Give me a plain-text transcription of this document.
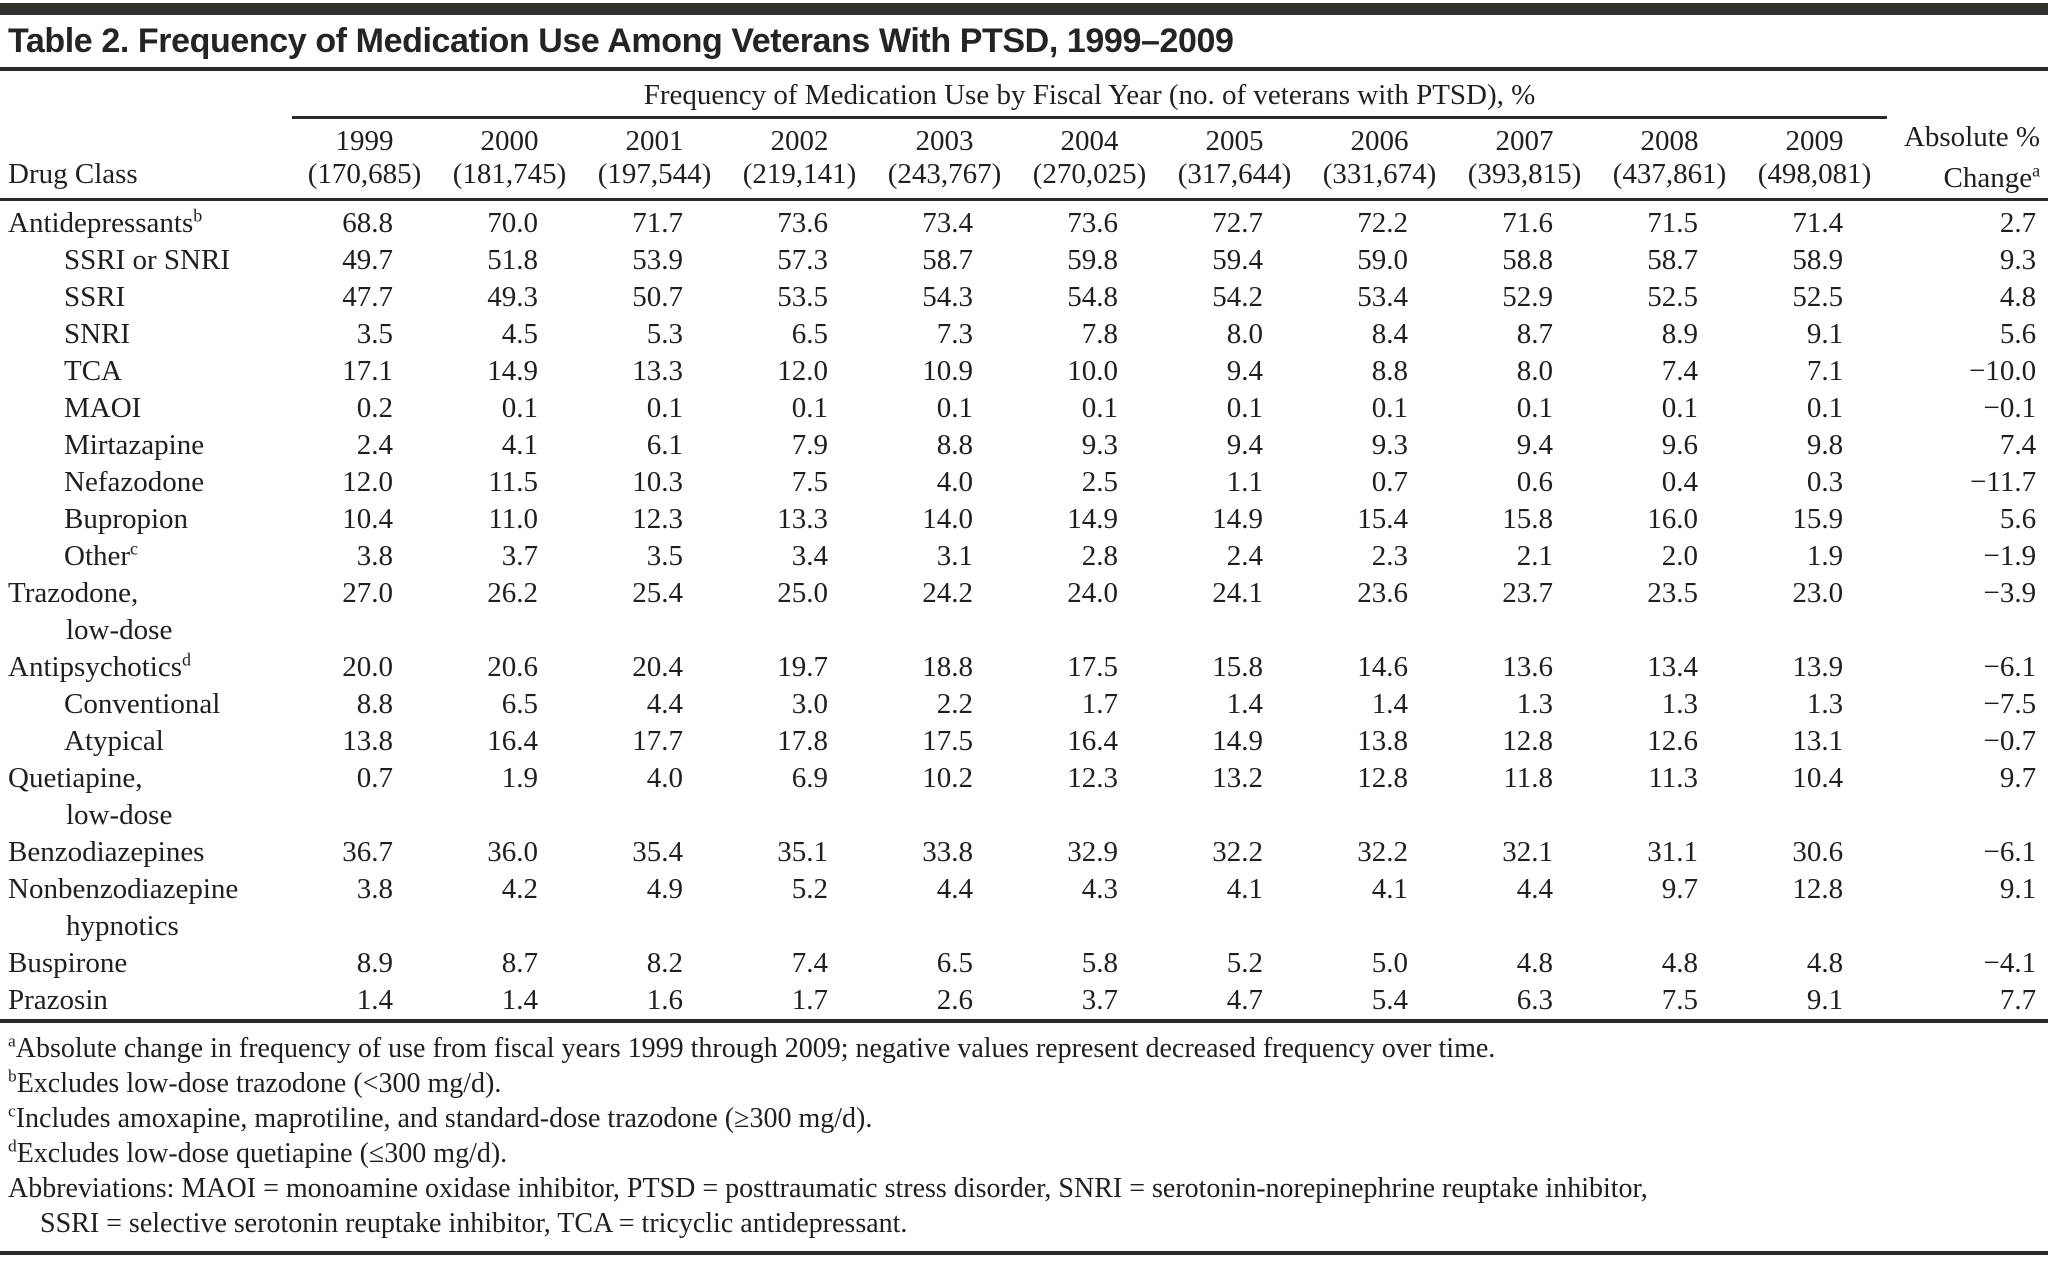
Table 2. Frequency of Medication Use Among Veterans With PTSD, 1999–2009
	Frequency of Medication Use by Fiscal Year (no. of veterans with PTSD), %											
	1999	2000	2001	2002	2003	2004	2005	2006	2007	2008	2009	Absolute %
Drug Class	(170,685)	(181,745)	(197,544)	(219,141)	(243,767)	(270,025)	(317,644)	(331,674)	(393,815)	(437,861)	(498,081)	Change$^a$
Antidepressants$^b$	68.8	70.0	71.7	73.6	73.4	73.6	72.7	72.2	71.6	71.5	71.4	2.7
SSRI or SNRI	49.7	51.8	53.9	57.3	58.7	59.8	59.4	59.0	58.8	58.7	58.9	9.3
SSRI	47.7	49.3	50.7	53.5	54.3	54.8	54.2	53.4	52.9	52.5	52.5	4.8
SNRI	3.5	4.5	5.3	6.5	7.3	7.8	8.0	8.4	8.7	8.9	9.1	5.6
TCA	17.1	14.9	13.3	12.0	10.9	10.0	9.4	8.8	8.0	7.4	7.1	−10.0
MAOI	0.2	0.1	0.1	0.1	0.1	0.1	0.1	0.1	0.1	0.1	0.1	−0.1
Mirtazapine	2.4	4.1	6.1	7.9	8.8	9.3	9.4	9.3	9.4	9.6	9.8	7.4
Nefazodone	12.0	11.5	10.3	7.5	4.0	2.5	1.1	0.7	0.6	0.4	0.3	−11.7
Bupropion	10.4	11.0	12.3	13.3	14.0	14.9	14.9	15.4	15.8	16.0	15.9	5.6
Other$^c$	3.8	3.7	3.5	3.4	3.1	2.8	2.4	2.3	2.1	2.0	1.9	−1.9
Trazodone,
low-dose	27.0	26.2	25.4	25.0	24.2	24.0	24.1	23.6	23.7	23.5	23.0	−3.9
Antipsychotics$^d$	20.0	20.6	20.4	19.7	18.8	17.5	15.8	14.6	13.6	13.4	13.9	−6.1
Conventional	8.8	6.5	4.4	3.0	2.2	1.7	1.4	1.4	1.3	1.3	1.3	−7.5
Atypical	13.8	16.4	17.7	17.8	17.5	16.4	14.9	13.8	12.8	12.6	13.1	−0.7
Quetiapine,
low-dose	0.7	1.9	4.0	6.9	10.2	12.3	13.2	12.8	11.8	11.3	10.4	9.7
Benzodiazepines	36.7	36.0	35.4	35.1	33.8	32.9	32.2	32.2	32.1	31.1	30.6	−6.1
Nonbenzodiazepine
hypnotics	3.8	4.2	4.9	5.2	4.4	4.3	4.1	4.1	4.4	9.7	12.8	9.1
Buspirone	8.9	8.7	8.2	7.4	6.5	5.8	5.2	5.0	4.8	4.8	4.8	−4.1
Prazosin	1.4	1.4	1.6	1.7	2.6	3.7	4.7	5.4	6.3	7.5	9.1	7.7
$^a$Absolute change in frequency of use from fiscal years 1999 through 2009; negative values represent decreased frequency over time.
$^b$Excludes low-dose trazodone (<300 mg/d).
$^c$Includes amoxapine, maprotiline, and standard-dose trazodone (≥300 mg/d).
$^d$Excludes low-dose quetiapine (≤300 mg/d).
Abbreviations: MAOI = monoamine oxidase inhibitor, PTSD = posttraumatic stress disorder, SNRI = serotonin-norepinephrine reuptake inhibitor,
SSRI = selective serotonin reuptake inhibitor, TCA = tricyclic antidepressant.
